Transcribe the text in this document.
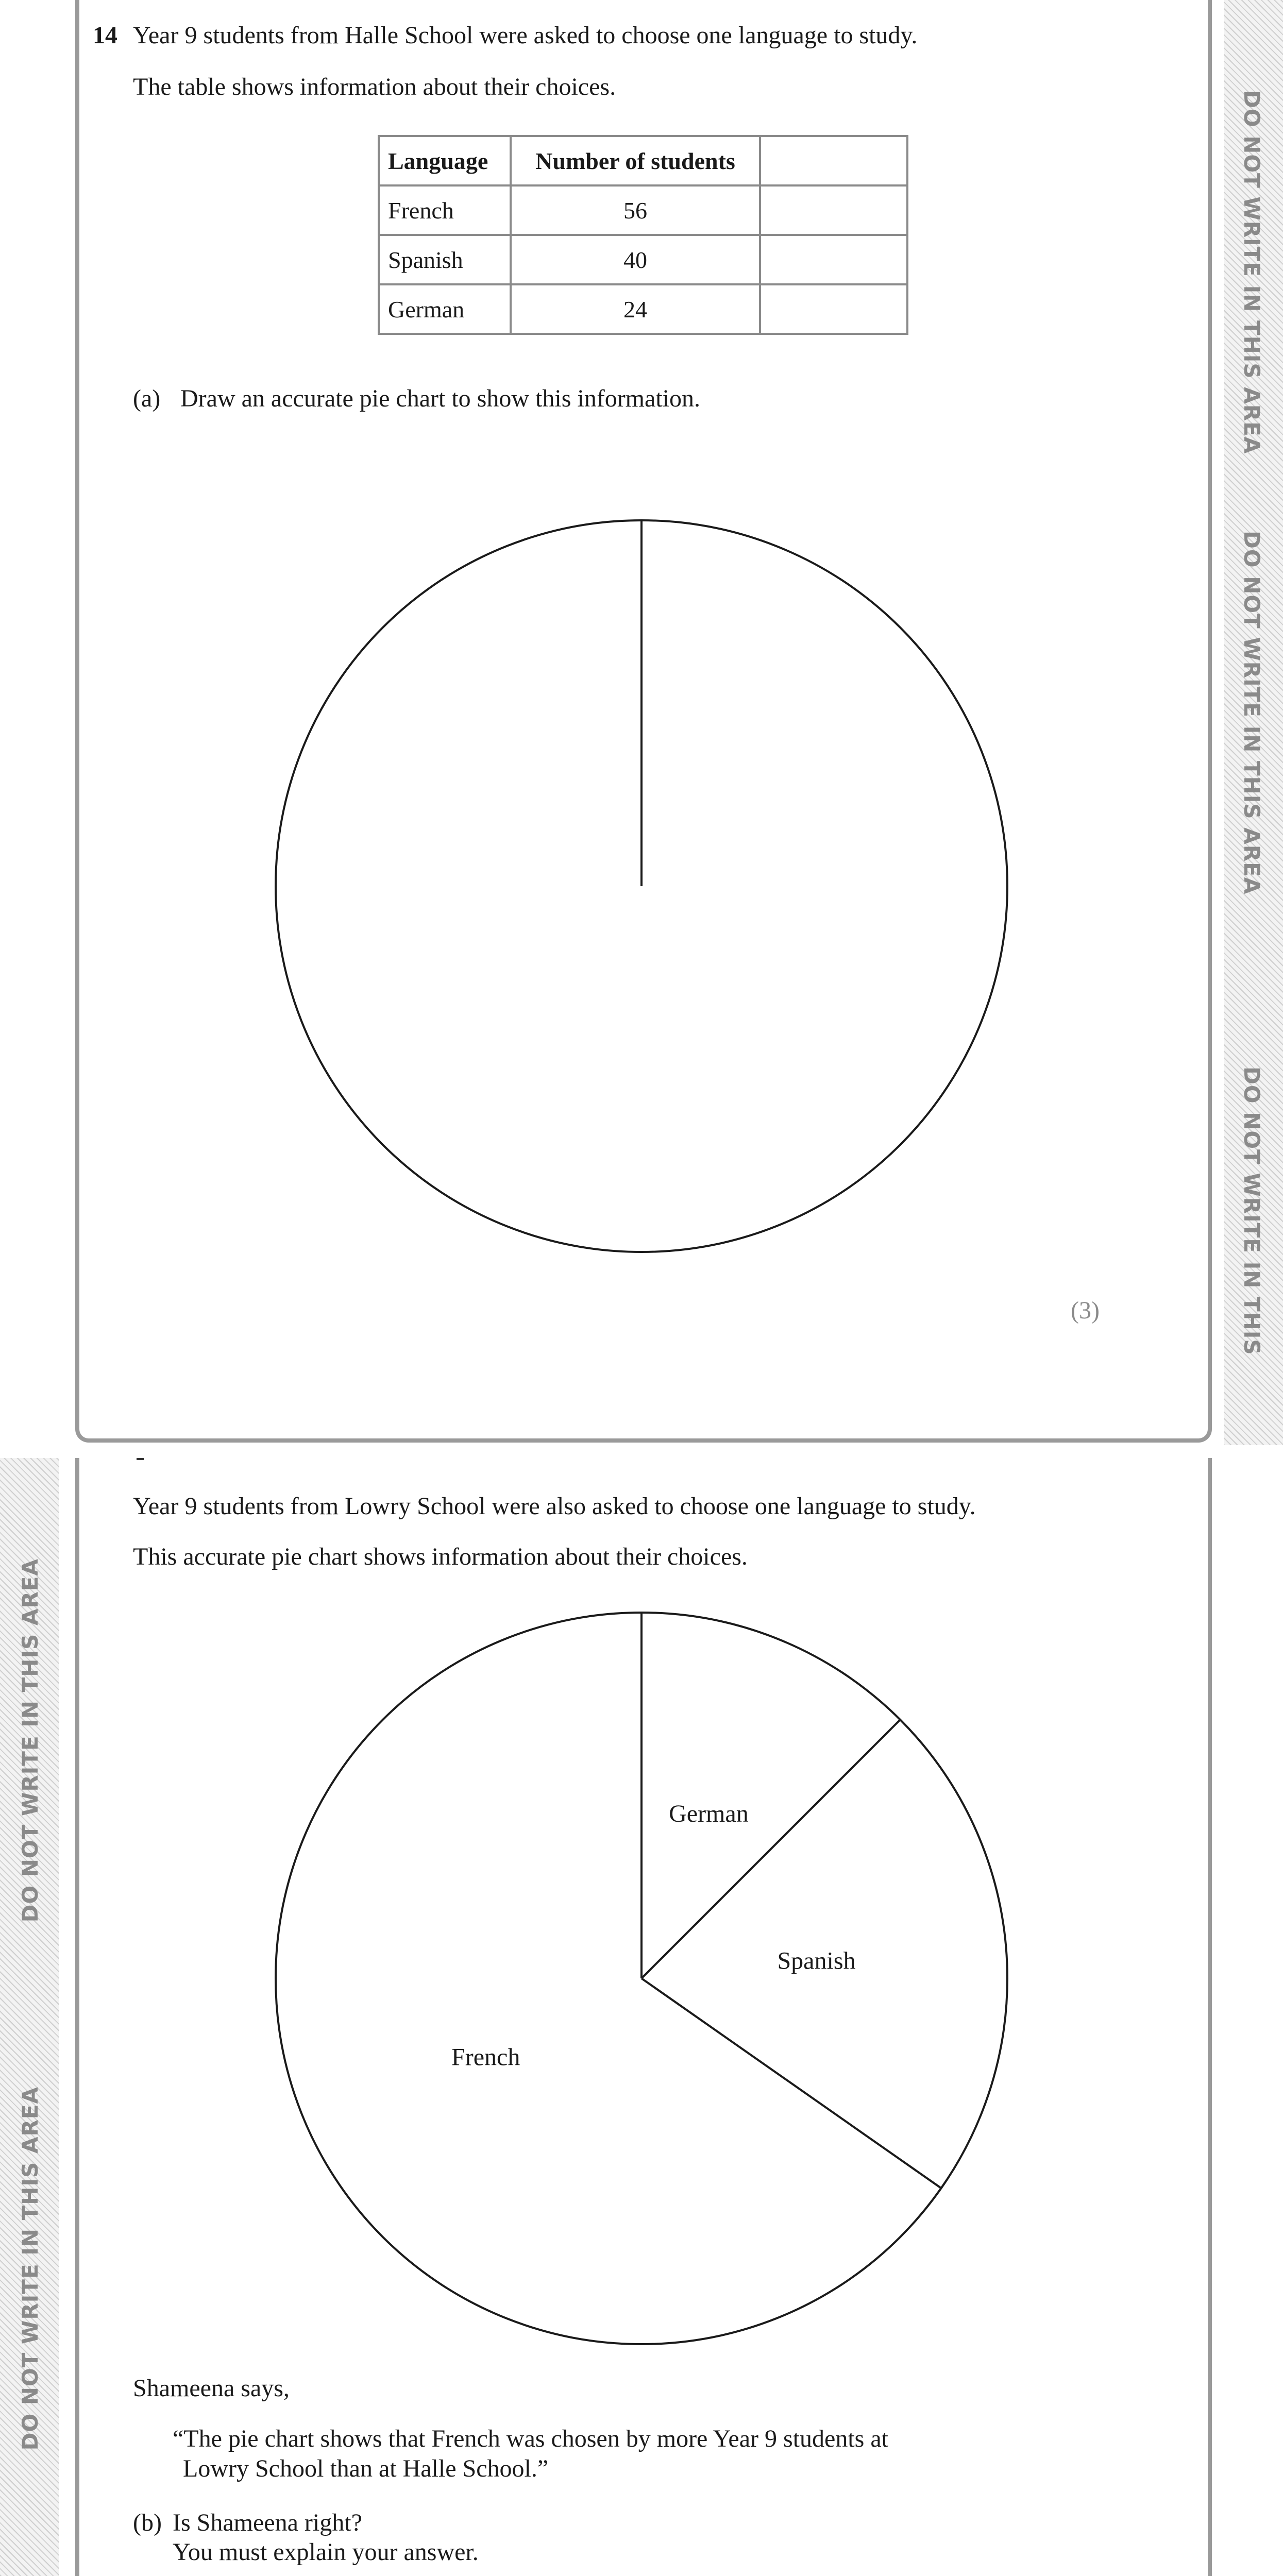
DO NOT WRITE IN THIS AREA
DO NOT WRITE IN THIS AREA
DO NOT WRITE IN THIS
DO NOT WRITE IN THIS AREA
DO NOT WRITE IN THIS AREA
14 Year 9 students from Halle School were asked to choose one language to study.
The table shows information about their choices.
Language	Number of students	
French	56	
Spanish	40	
German	24	
(a) Draw an accurate pie chart to show this information.
(3)
Year 9 students from Lowry School were also asked to choose one language to study.
This accurate pie chart shows information about their choices.
German
Spanish
French
Shameena says,
“The pie chart shows that French was chosen by more Year 9 students at
Lowry School than at Halle School.”
(b) Is Shameena right?
You must explain your answer.
